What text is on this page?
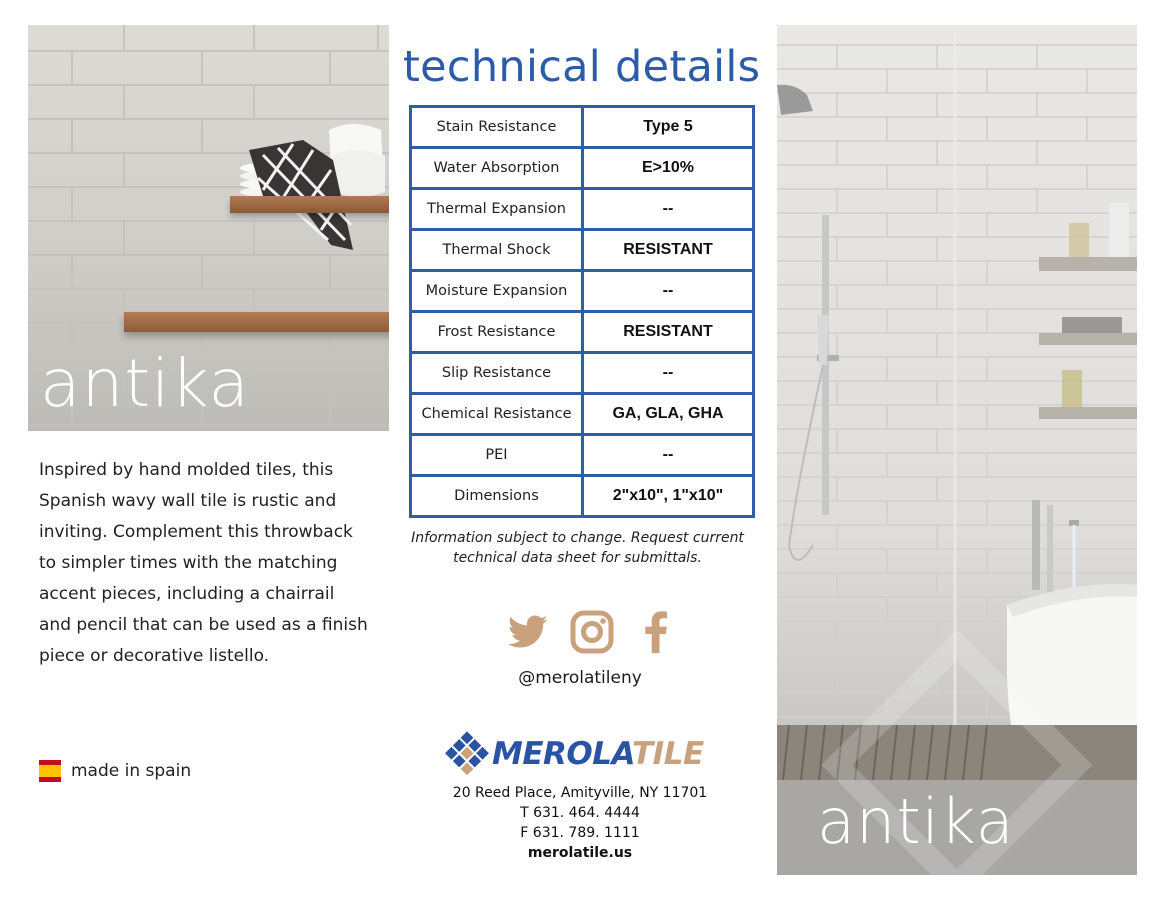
antika

Inspired by hand molded tiles, this Spanish wavy wall tile is rustic and inviting. Complement this throwback to simpler times with the matching accent pieces, including a chairrail and pencil that can be used as a finish piece or decorative listello.

made in spain
technical details
Stain Resistance	Type 5
Water Absorption	E>10%
Thermal Expansion	--
Thermal Shock	RESISTANT
Moisture Expansion	--
Frost Resistance	RESISTANT
Slip Resistance	--
Chemical Resistance	GA, GLA, GHA
PEI	--
Dimensions	2"x10", 1"x10"

Information subject to change. Request current technical data sheet for submittals.

@merolatileny
MEROLATILE
20 Reed Place, Amityville, NY 11701
T 631. 464. 4444
F 631. 789. 1111
merolatile.us	antika
